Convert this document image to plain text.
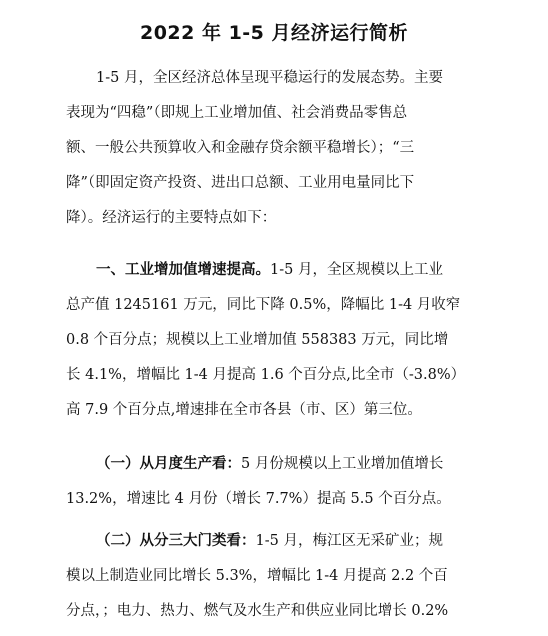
2022 年 1-5 月经济运行简析
1-5 月，全区经济总体呈现平稳运行的发展态势。主要
表现为“四稳”（即规上工业增加值、社会消费品零售总
额、一般公共预算收入和金融存贷余额平稳增长）；“三
降”（即固定资产投资、进出口总额、工业用电量同比下
降）。经济运行的主要特点如下：
一、工业增加值增速提高。1-5 月，全区规模以上工业
总产值 1245161 万元，同比下降 0.5%，降幅比 1-4 月收窄
0.8 个百分点；规模以上工业增加值 558383 万元，同比增
长 4.1%，增幅比 1-4 月提高 1.6 个百分点,比全市（-3.8%）
高 7.9 个百分点,增速排在全市各县（市、区）第三位。
（一）从月度生产看：5 月份规模以上工业增加值增长
13.2%，增速比 4 月份（增长 7.7%）提高 5.5 个百分点。
（二）从分三大门类看：1-5 月，梅江区无采矿业；规
模以上制造业同比增长 5.3%，增幅比 1-4 月提高 2.2 个百
分点，；电力、热力、燃气及水生产和供应业同比增长 0.2%
